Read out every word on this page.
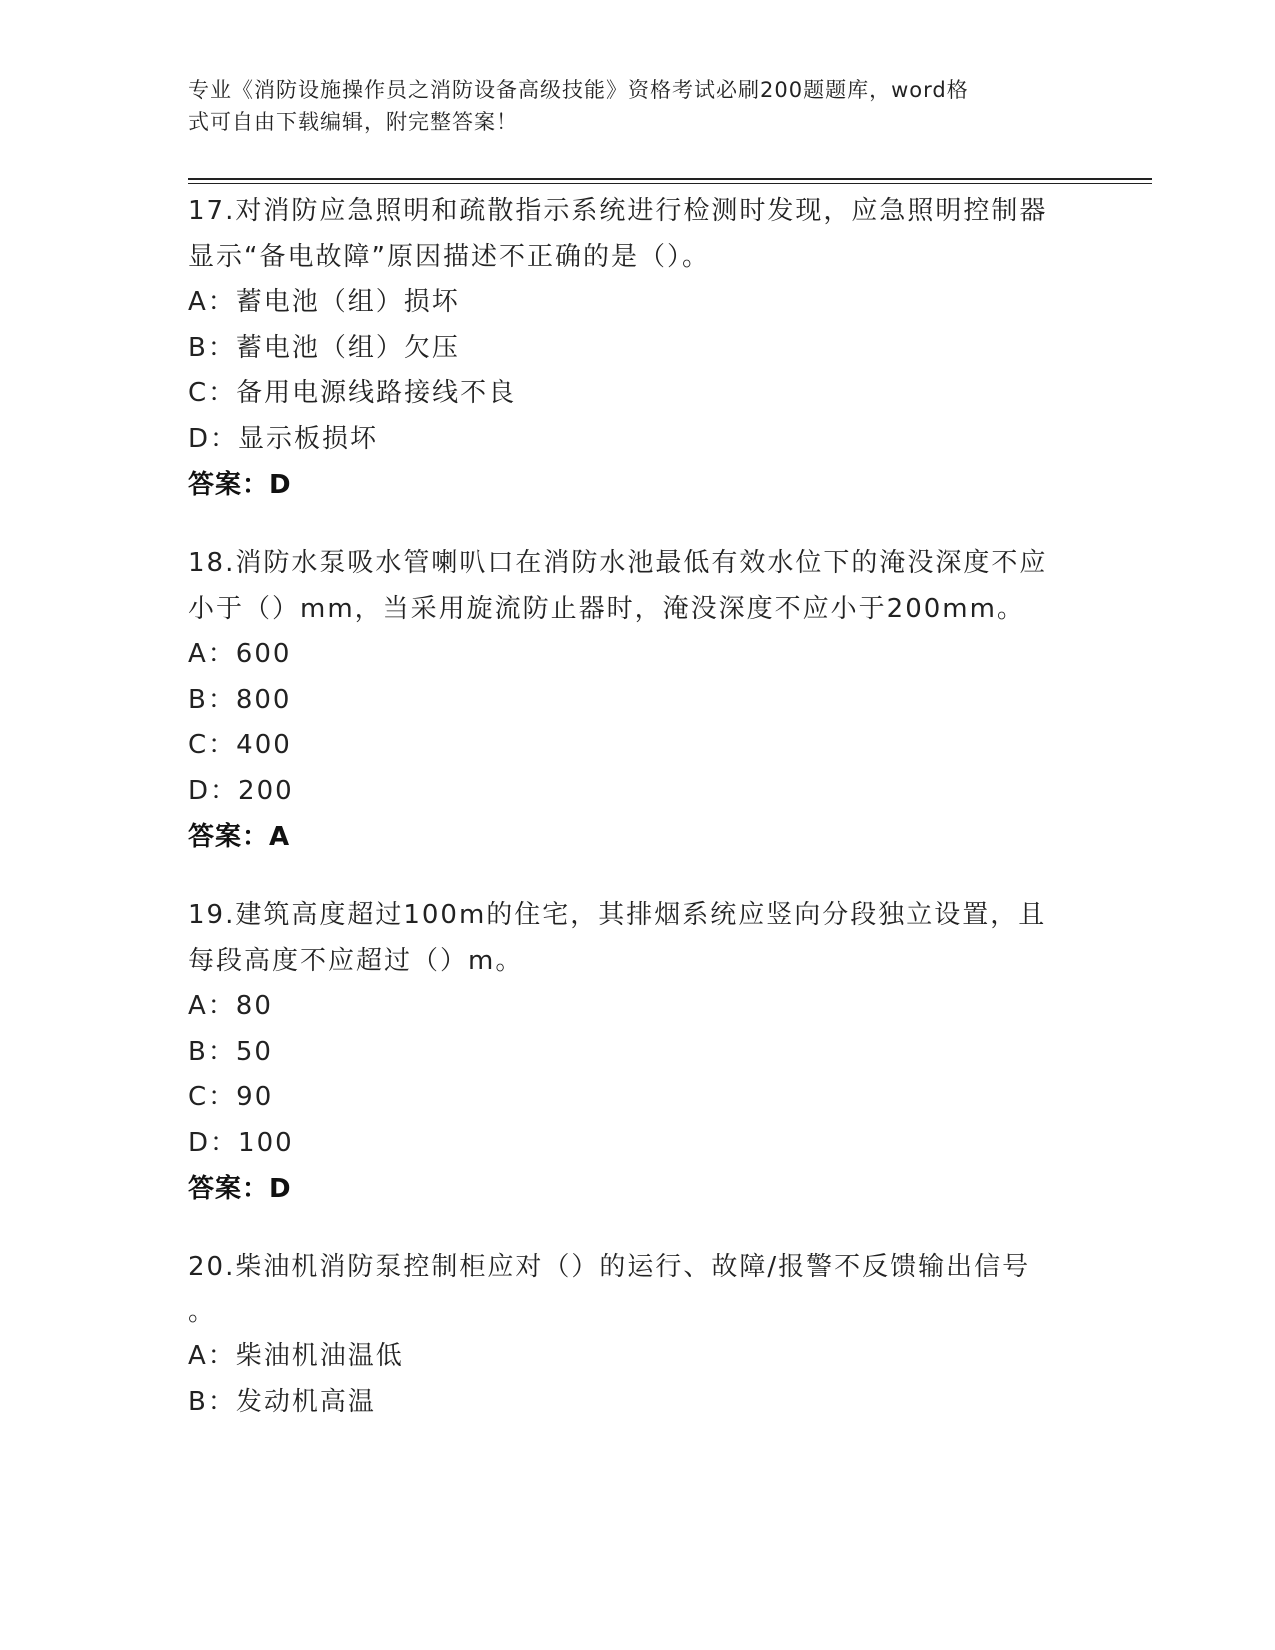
专业《消防设施操作员之消防设备高级技能》资格考试必刷200题题库，word格
式可自由下载编辑，附完整答案！
17.对消防应急照明和疏散指示系统进行检测时发现，应急照明控制器
显示“备电故障”原因描述不正确的是（）。
A：蓄电池（组）损坏
B：蓄电池（组）欠压
C：备用电源线路接线不良
D：显示板损坏
答案：D
18.消防水泵吸水管喇叭口在消防水池最低有效水位下的淹没深度不应
小于（）mm，当采用旋流防止器时，淹没深度不应小于200mm。
A：600
B：800
C：400
D：200
答案：A
19.建筑高度超过100m的住宅，其排烟系统应竖向分段独立设置，且
每段高度不应超过（）m。
A：80
B：50
C：90
D：100
答案：D
20.柴油机消防泵控制柜应对（）的运行、故障/报警不反馈输出信号
。
A：柴油机油温低
B：发动机高温
